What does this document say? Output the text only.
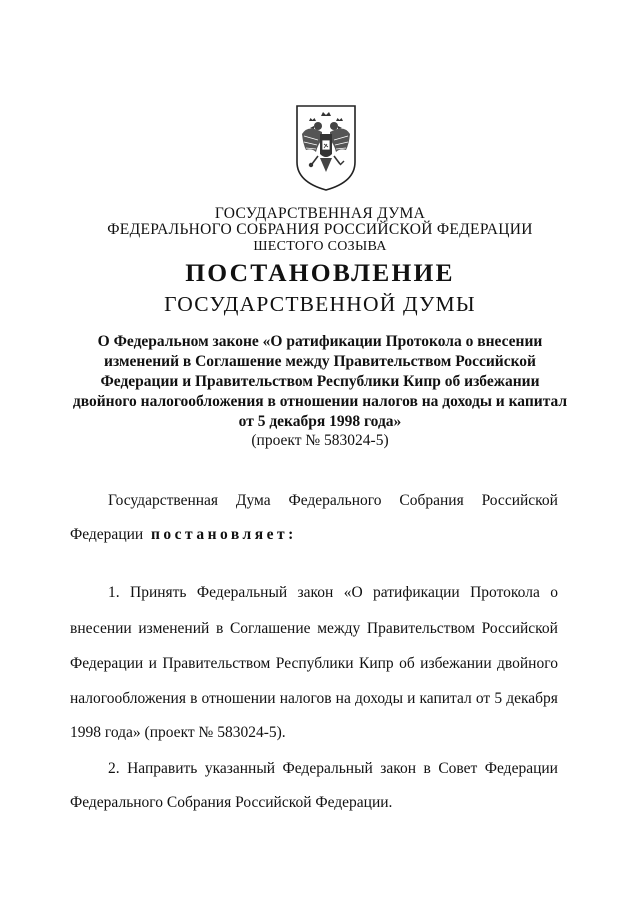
ГОСУДАРСТВЕННАЯ ДУМА
ФЕДЕРАЛЬНОГО СОБРАНИЯ РОССИЙСКОЙ ФЕДЕРАЦИИ
ШЕСТОГО СОЗЫВА
ПОСТАНОВЛЕНИЕ
ГОСУДАРСТВЕННОЙ ДУМЫ
О Федеральном законе «О ратификации Протокола о внесении
изменений в Соглашение между Правительством Российской
Федерации и Правительством Республики Кипр об избежании
двойного налогообложения в отношении налогов на доходы и капитал
от 5 декабря 1998 года»
(проект № 583024-5)
Государственная Дума Федерального Собрания Российской
Федерации постановляет:
1. Принять Федеральный закон «О ратификации Протокола о
внесении изменений в Соглашение между Правительством Российской
Федерации и Правительством Республики Кипр об избежании двойного
налогообложения в отношении налогов на доходы и капитал от 5 декабря
1998 года» (проект № 583024-5).
2. Направить указанный Федеральный закон в Совет Федерации
Федерального Собрания Российской Федерации.
